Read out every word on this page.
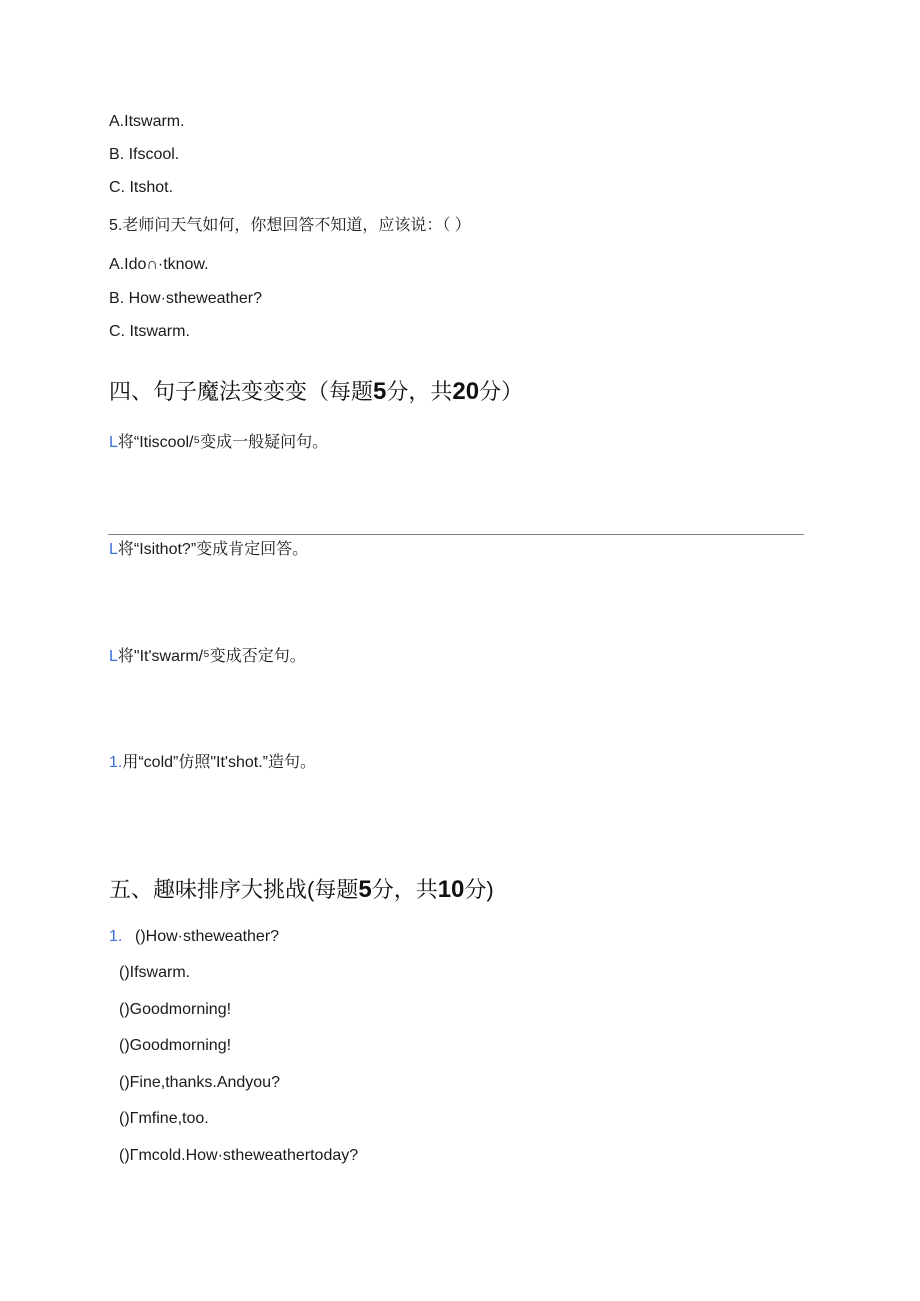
A.Itswarm.
B. Ifscool.
C. Itshot.
5.老师问天气如何，你想回答不知道，应该说：（ ）
A.Ido∩·tknow.
B. How·stheweather?
C. Itswarm.
四、句子魔法变变变（每题5分，共20分）
L将“Itiscool/⁵变成一般疑问句。
L将“Isithot?”变成肯定回答。
L将"It'swarm/⁵变成否定句。
1.用“cold”仿照"It'shot.”造句。
五、趣味排序大挑战(每题5分，共10分)
1. ()How·stheweather?
()Ifswarm.
()Goodmorning!
()Goodmorning!
()Fine,thanks.Andyou?
()Γmfine,too.
()Γmcold.How·stheweathertoday?
